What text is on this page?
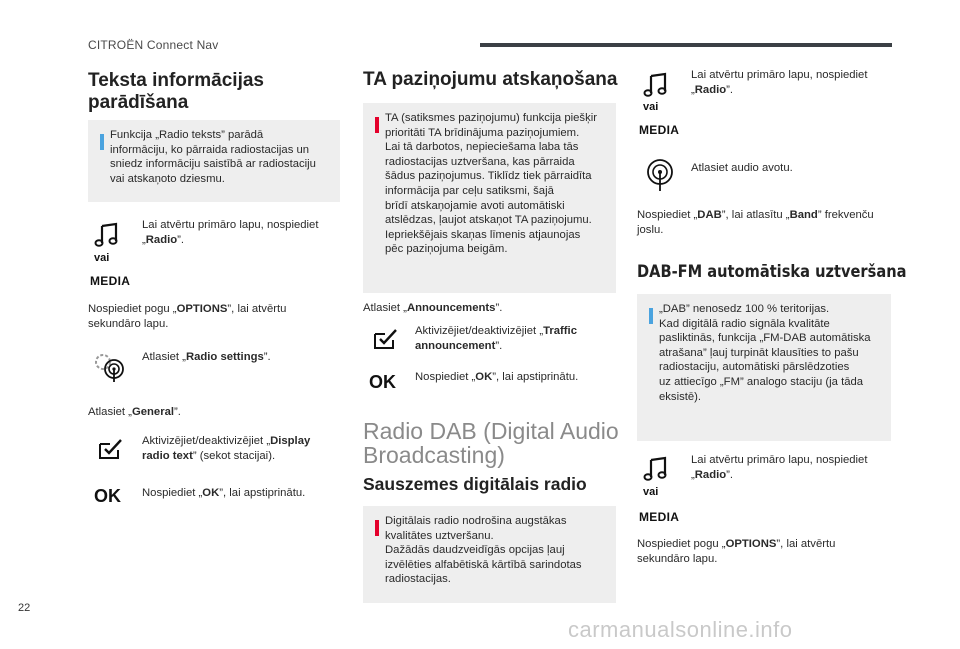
CITROËN Connect Nav
22
carmanualsonline.info
Teksta informācijas
parādīšana

Funkcija „Radio teksts” parādā
informāciju, ko pārraida radiostacijas un
sniedz informāciju saistībā ar radiostaciju
vai atskaņoto dziesmu.

vai
MEDIA
Lai atvērtu primāro lapu, nospiediet
„Radio”.
Nospiediet pogu „OPTIONS”, lai atvērtu
sekundāro lapu.
Atlasiet „Radio settings”.
Atlasiet „General”.
Aktivizējiet/deaktivizējiet „Display
radio text” (sekot stacijai).
OK Nospiediet „OK”, lai apstiprinātu.
TA paziņojumu atskaņošana

TA (satiksmes paziņojumu) funkcija piešķir
prioritāti TA brīdinājuma paziņojumiem.
Lai tā darbotos, nepieciešama laba tās
radiostacijas uztveršana, kas pārraida
šādus paziņojumus. Tiklīdz tiek pārraidīta
informācija par ceļu satiksmi, šajā
brīdī atskaņojamie avoti automātiski
atslēdzas, ļaujot atskaņot TA paziņojumu.
Iepriekšējais skaņas līmenis atjaunojas
pēc paziņojuma beigām.

Atlasiet „Announcements”.
Aktivizējiet/deaktivizējiet „Traffic
announcement”.
OK Nospiediet „OK”, lai apstiprinātu.
Radio DAB (Digital Audio
Broadcasting)
Sauszemes digitālais radio

Digitālais radio nodrošina augstākas
kvalitātes uztveršanu.
Dažādās daudzveidīgās opcijas ļauj
izvēlēties alfabētiskā kārtībā sarindotas
radiostacijas.

vai
MEDIA
Lai atvērtu primāro lapu, nospiediet
„Radio”.
Atlasiet audio avotu.
Nospiediet „DAB”, lai atlasītu „Band” frekvenču
joslu.
DAB-FM automātiska uztveršana

„DAB” nenosedz 100 % teritorijas.
Kad digitālā radio signāla kvalitāte
pasliktinās, funkcija „FM-DAB automātiska
atrašana” ļauj turpināt klausīties to pašu
radiostaciju, automātiski pārslēdzoties
uz attiecīgo „FM” analogo staciju (ja tāda
eksistē).

vai
MEDIA
Lai atvērtu primāro lapu, nospiediet
„Radio”.
Nospiediet pogu „OPTIONS”, lai atvērtu
sekundāro lapu.
